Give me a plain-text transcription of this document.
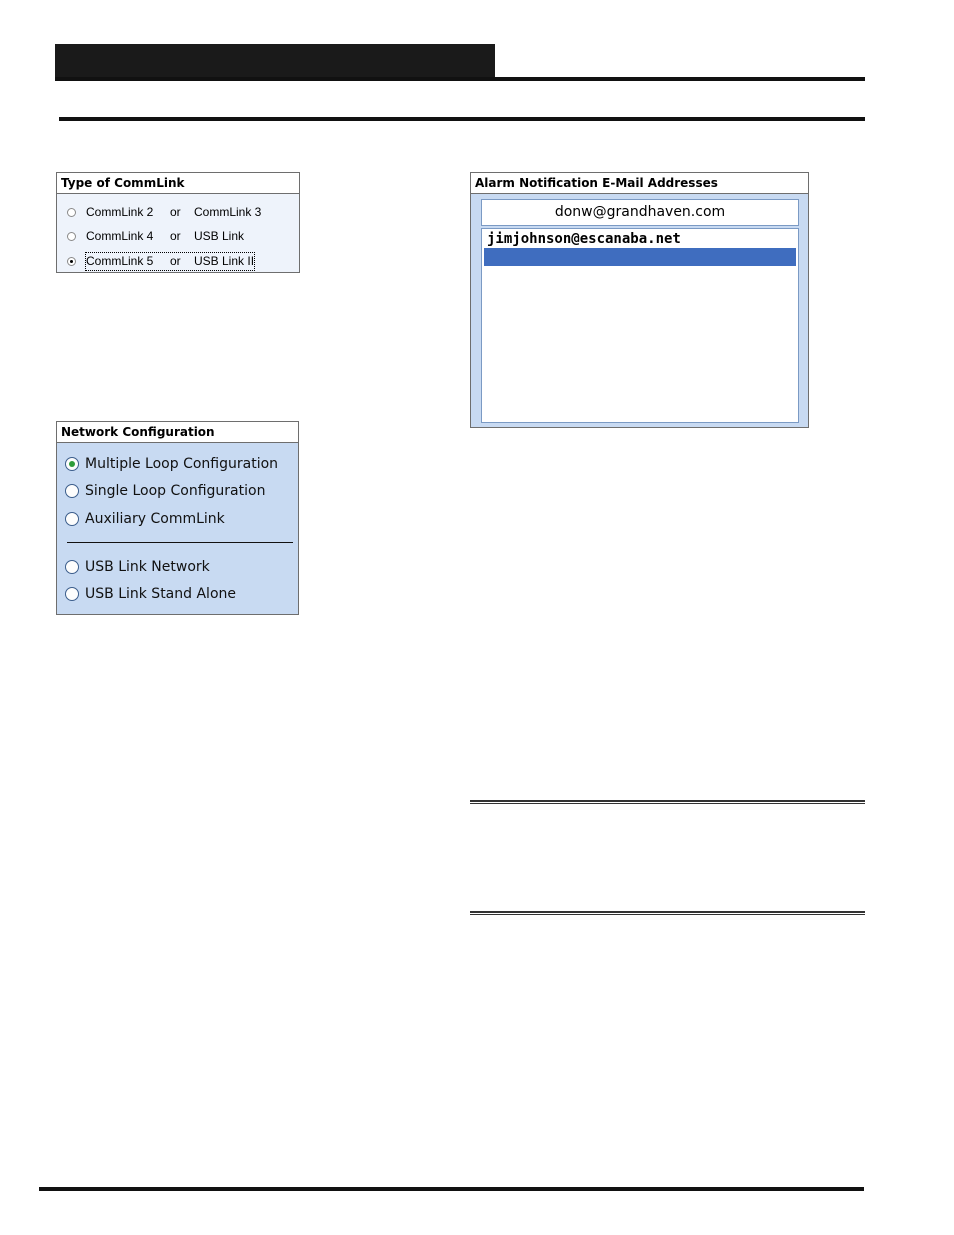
Type of CommLink
CommLink 2 or CommLink 3
CommLink 4 or USB Link
CommLink 5 or USB Link II
Network Configuration
Multiple Loop Configuration
Single Loop Configuration
Auxiliary CommLink
USB Link Network
USB Link Stand Alone
Alarm Notification E-Mail Addresses
donw@grandhaven.com
jimjohnson@escanaba.net
